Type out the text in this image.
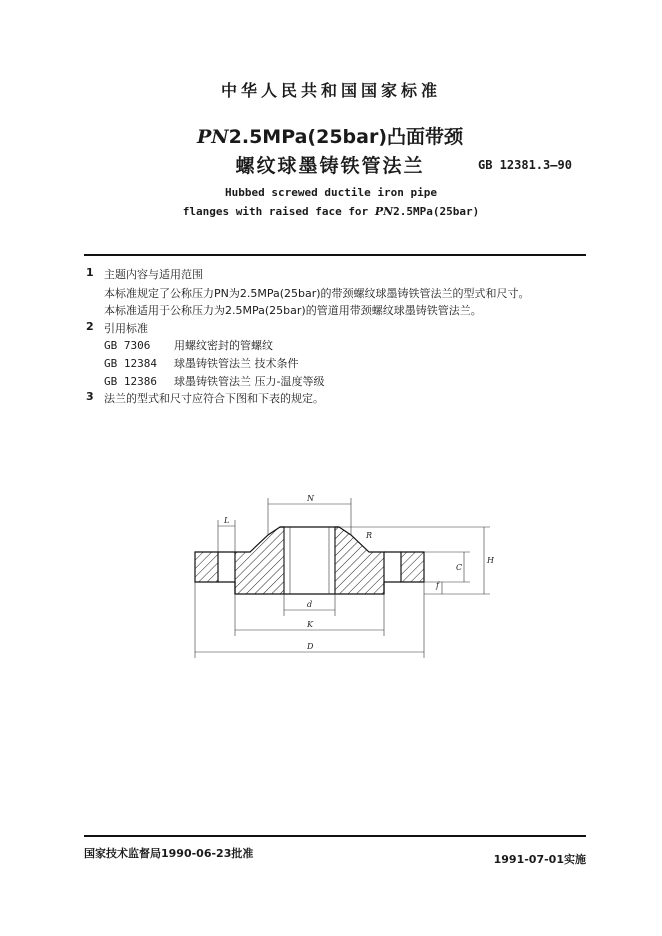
中华人民共和国国家标准
PN2.5MPa(25bar)凸面带颈
螺纹球墨铸铁管法兰	GB 12381.3—90
Hubbed screwed ductile iron pipe
flanges with raised face for PN2.5MPa(25bar)
1 主题内容与适用范围
本标准规定了公称压力PN为2.5MPa(25bar)的带颈螺纹球墨铸铁管法兰的型式和尺寸。
本标准适用于公称压力为2.5MPa(25bar)的管道用带颈螺纹球墨铸铁管法兰。
2 引用标准
GB 7306 用螺纹密封的管螺纹
GB 12384 球墨铸铁管法兰 技术条件
GB 12386 球墨铸铁管法兰 压力-温度等级
3 法兰的型式和尺寸应符合下图和下表的规定。
N
L
R
d
K
D
H
C
f
国家技术监督局1990-06-23批准	1991-07-01实施
